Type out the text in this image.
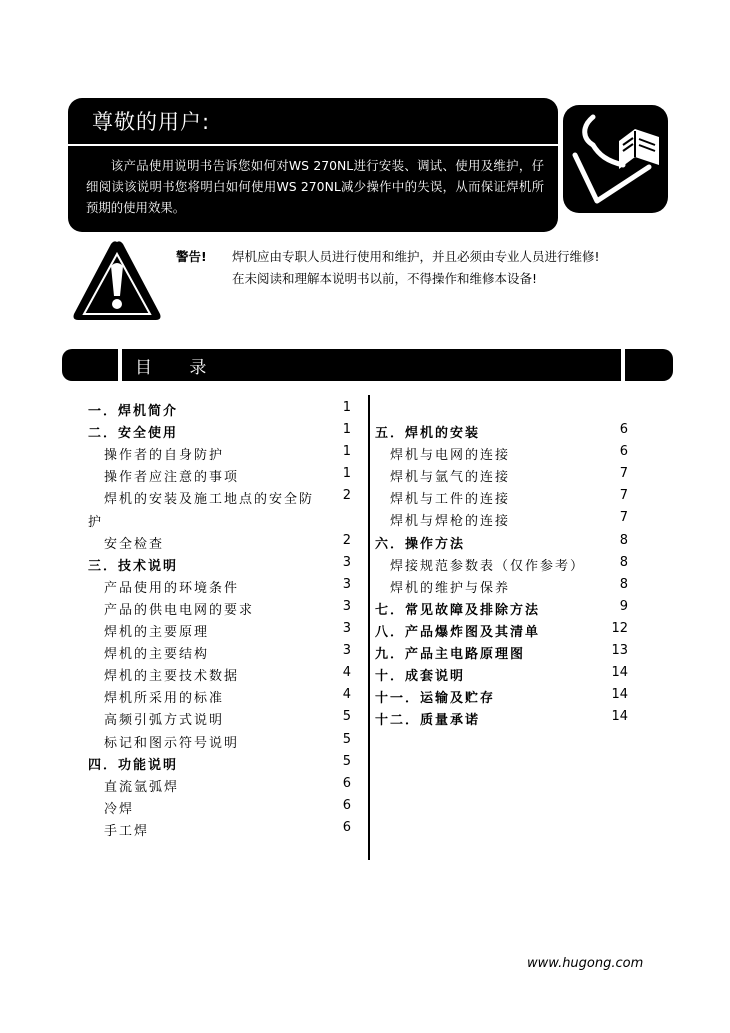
尊敬的用户:
该产品使用说明书告诉您如何对WS 270NL进行安装、调试、使用及维护，仔细阅读该说明书您将明白如何使用WS 270NL减少操作中的失误，从而保证焊机所预期的使用效果。
警告! 焊机应由专职人员进行使用和维护，并且必须由专业人员进行维修!
在未阅读和理解本说明书以前，不得操作和维修本设备!
目 录
一．焊机简介	1
二．安全使用	1
操作者的自身防护	1
操作者应注意的事项	1
焊机的安装及施工地点的安全防	2
护
安全检查	2
三．技术说明	3
产品使用的环境条件	3
产品的供电电网的要求	3
焊机的主要原理	3
焊机的主要结构	3
焊机的主要技术数据	4
焊机所采用的标准	4
高频引弧方式说明	5
标记和图示符号说明	5
四．功能说明	5
直流氩弧焊	6
冷焊	6
手工焊	6
五．焊机的安装	6
焊机与电网的连接	6
焊机与氩气的连接	7
焊机与工件的连接	7
焊机与焊枪的连接	7
六．操作方法	8
焊接规范参数表（仅作参考）	8
焊机的维护与保养	8
七．常见故障及排除方法	9
八．产品爆炸图及其清单	12
九．产品主电路原理图	13
十．成套说明	14
十一．运输及贮存	14
十二．质量承诺	14
www.hugong.com
